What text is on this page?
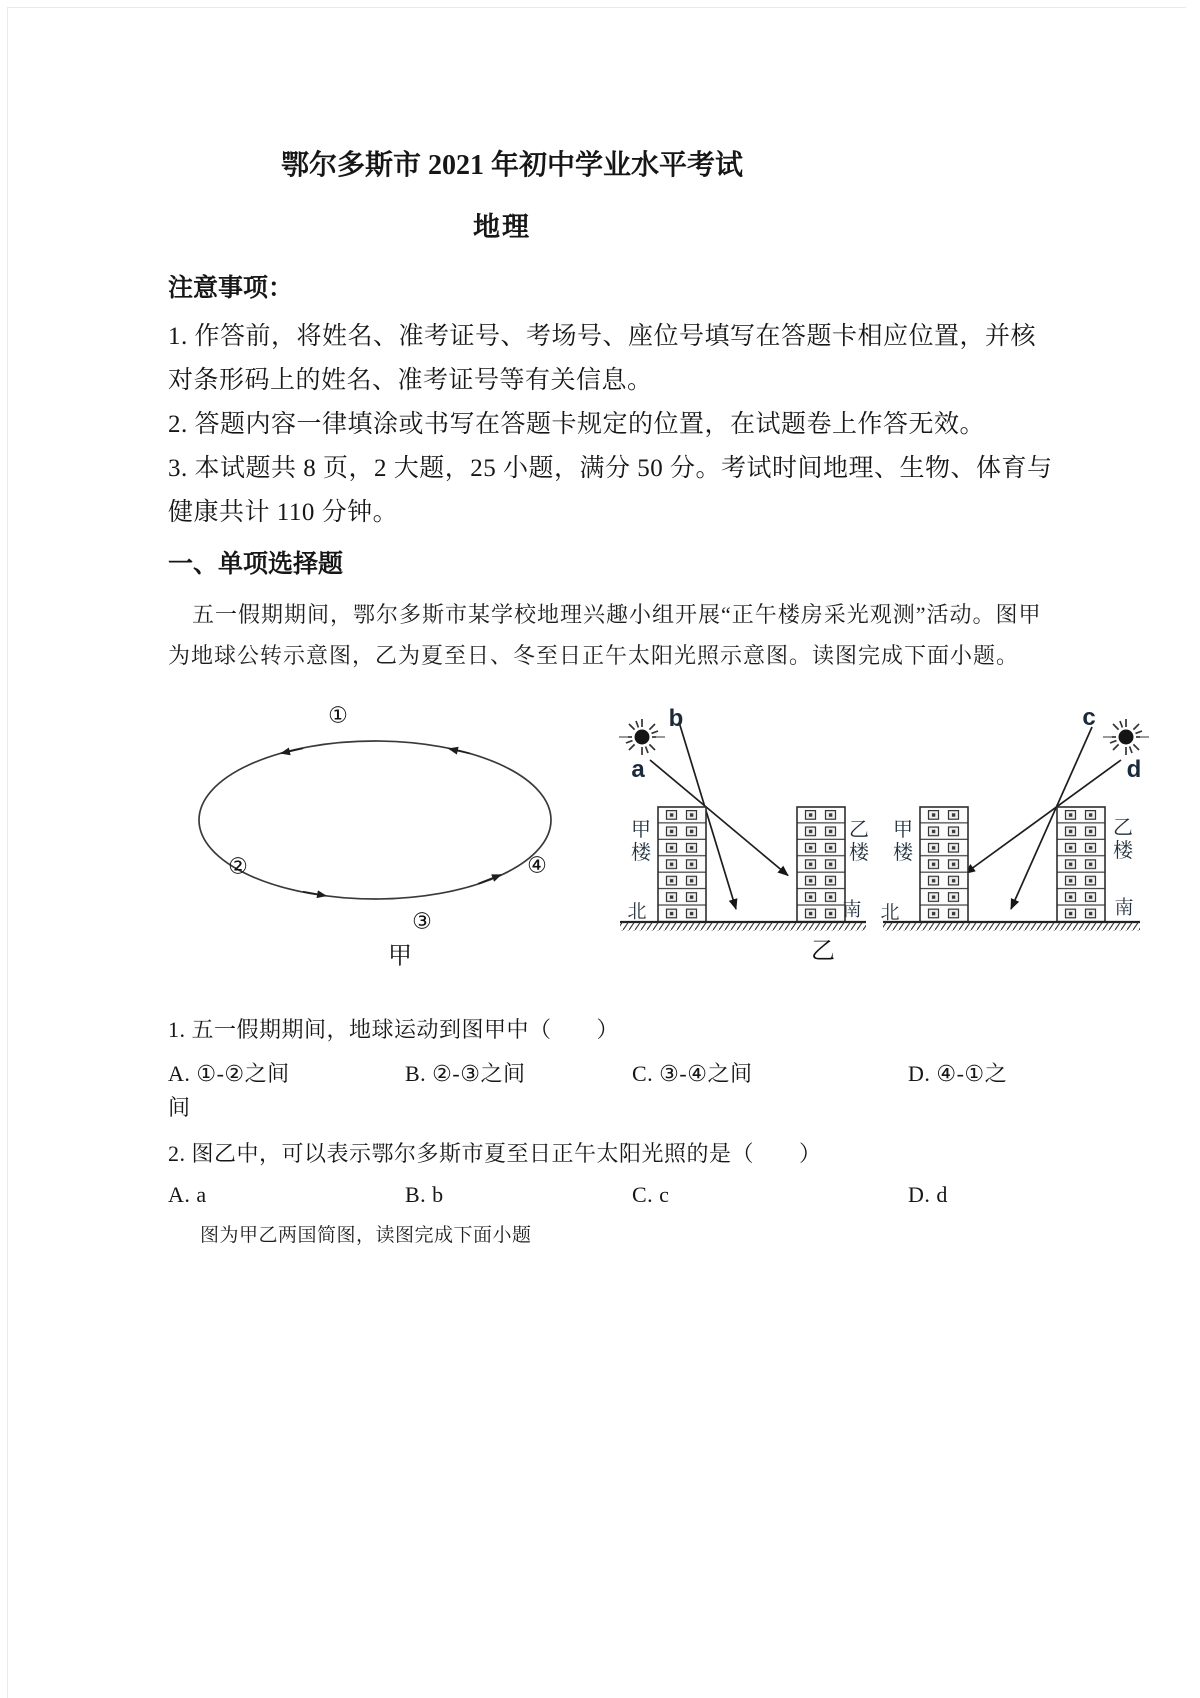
鄂尔多斯市 2021 年初中学业水平考试
地理
注意事项：
1. 作答前，将姓名、准考证号、考场号、座位号填写在答题卡相应位置，并核
对条形码上的姓名、准考证号等有关信息。
2. 答题内容一律填涂或书写在答题卡规定的位置，在试题卷上作答无效。
3. 本试题共 8 页，2 大题，25 小题，满分 50 分。考试时间地理、生物、体育与
健康共计 110 分钟。
一、单项选择题
五一假期期间，鄂尔多斯市某学校地理兴趣小组开展“正午楼房采光观测”活动。图甲
为地球公转示意图，乙为夏至日、冬至日正午太阳光照示意图。读图完成下面小题。
①
②
③
④
甲
b
a
c
d
甲楼
乙楼
甲楼
乙楼
北	南 北	南
乙
1. 五一假期期间，地球运动到图甲中（　　）
A. ①-②之间	B. ②-③之间	C. ③-④之间	D. ④-①之
间
2. 图乙中，可以表示鄂尔多斯市夏至日正午太阳光照的是（　　）
A. a	B. b	C. c	D. d
图为甲乙两国简图，读图完成下面小题
